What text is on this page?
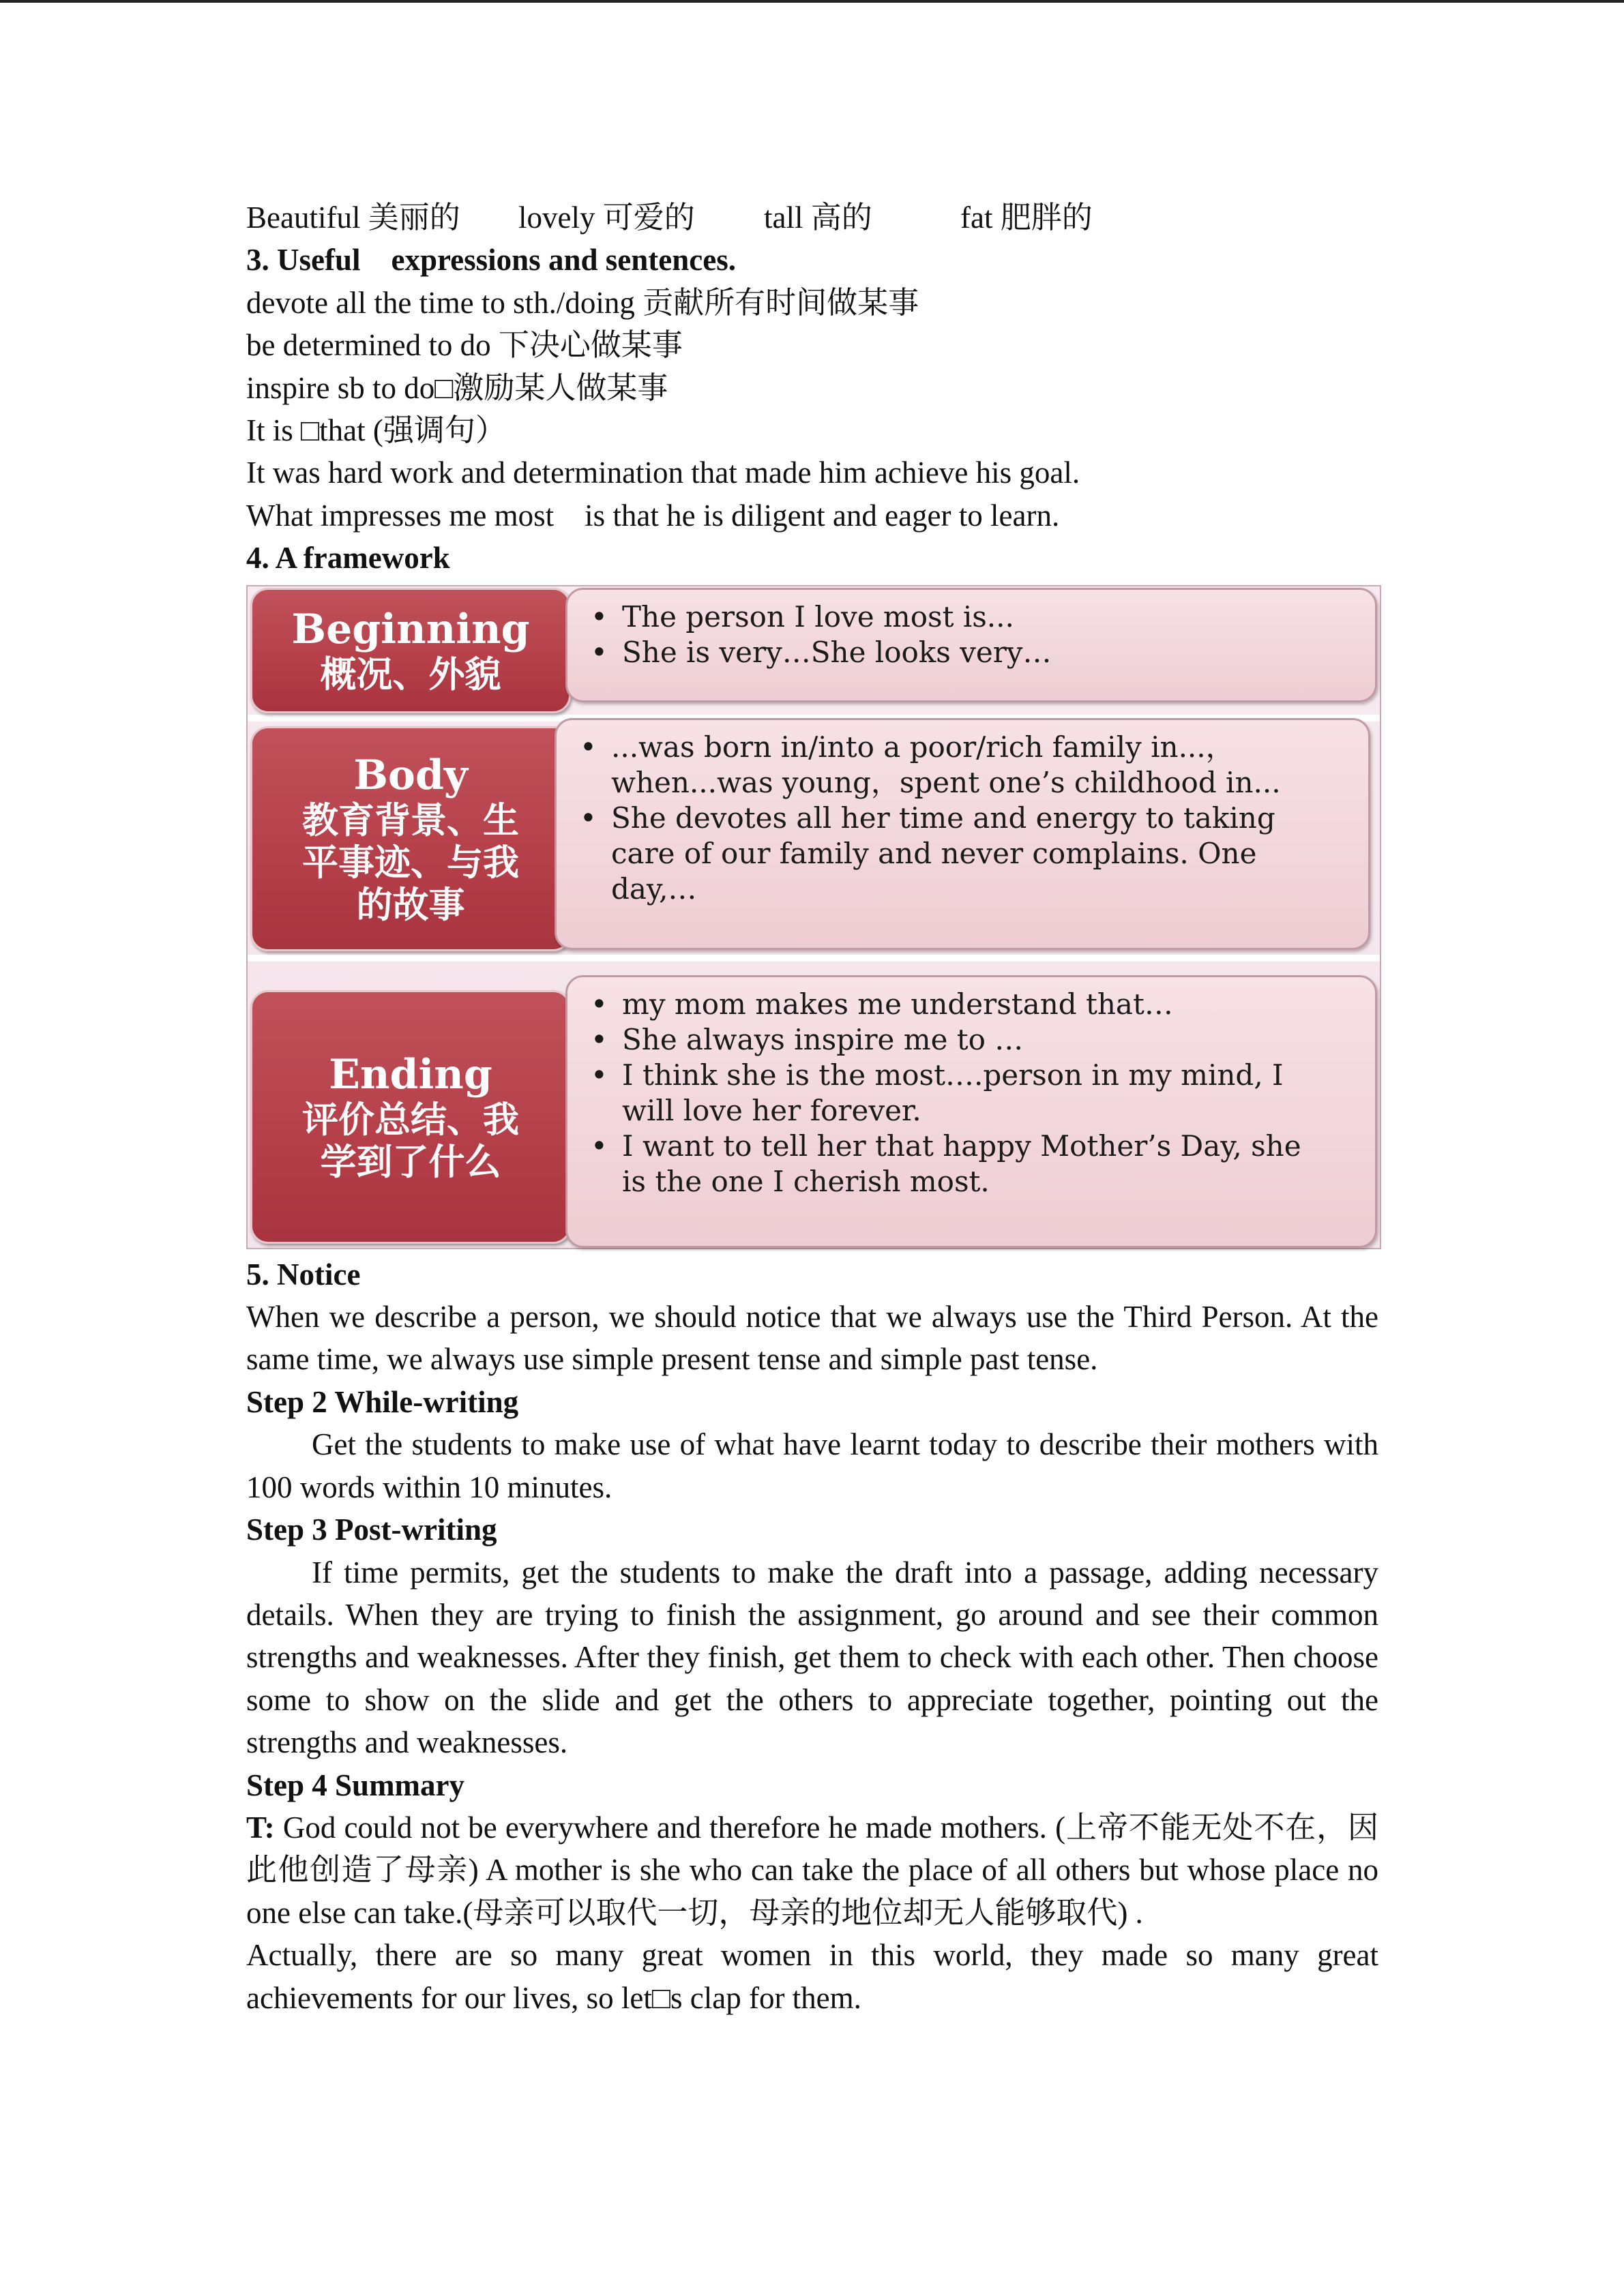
Beautiful 美丽的 lovely 可爱的 tall 高的	fat 肥胖的
3. Useful    expressions and sentences.
devote all the time to sth./doing 贡献所有时间做某事
be determined to do 下决心做某事
inspire sb to do□激励某人做某事
It is □that (强调句）
It was hard work and determination that made him achieve his goal.
What impresses me most    is that he is diligent and eager to learn.
4. A framework
Beginning
概况、外貌
• The person I love most is...
• She is very…She looks very…
Body
教育背景、生
平事迹、与我
的故事
• ...was born in/into a poor/rich family in...，
when...was young，spent one’s childhood in...
• She devotes all her time and energy to taking
care of our family and never complains. One
day,…
Ending
评价总结、我
学到了什么
• my mom makes me understand that…
• She always inspire me to …
• I think she is the most….person in my mind, I
will love her forever.
• I want to tell her that happy Mother’s Day, she
is the one I cherish most.
5. Notice
When we describe a person, we should notice that we always use the Third Person. At the same time, we always use simple present tense and simple past tense.
Step 2 While-writing
Get the students to make use of what have learnt today to describe their mothers with 100 words within 10 minutes.
Step 3 Post-writing
If time permits, get the students to make the draft into a passage, adding necessary details. When they are trying to finish the assignment, go around and see their common strengths and weaknesses. After they finish, get them to check with each other. Then choose some to show on the slide and get the others to appreciate together, pointing out the strengths and weaknesses.
Step 4 Summary
T: God could not be everywhere and therefore he made mothers. (上帝不能无处不在，因此他创造了母亲) A mother is she who can take the place of all others but whose place no one else can take.(母亲可以取代一切，母亲的地位却无人能够取代) .
Actually, there are so many great women in this world, they made so many great achievements for our lives, so let□s clap for them.
